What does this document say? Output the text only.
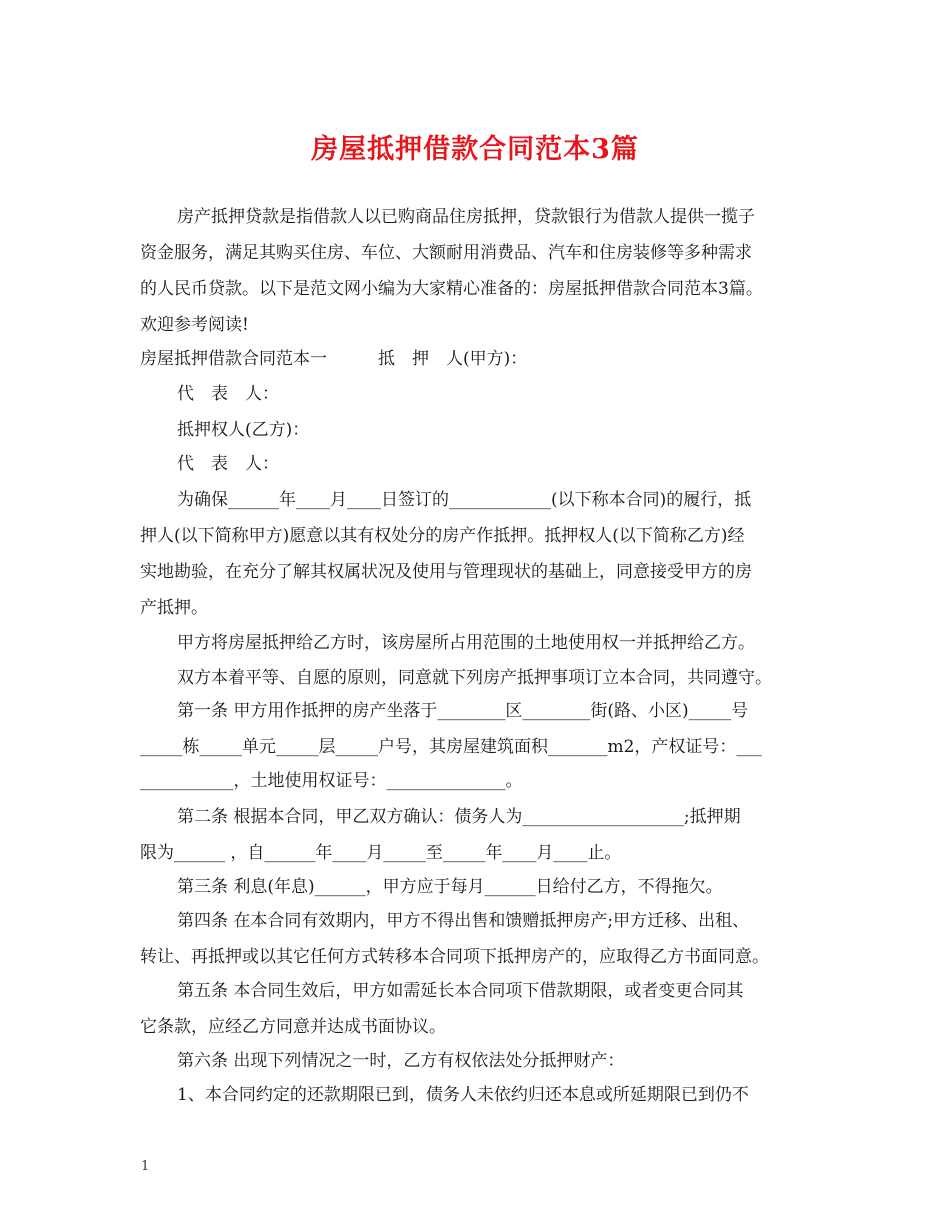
房屋抵押借款合同范本3篇
房产抵押贷款是指借款人以已购商品住房抵押，贷款银行为借款人提供一揽子
资金服务，满足其购买住房、车位、大额耐用消费品、汽车和住房装修等多种需求
的人民币贷款。以下是范文网小编为大家精心准备的：房屋抵押借款合同范本3篇。
欢迎参考阅读!
房屋抵押借款合同范本一　　　抵　押　人(甲方)：
代　表　人：
抵押权人(乙方)：
代　表　人：
为确保______年____月____日签订的____________(以下称本合同)的履行，抵
押人(以下简称甲方)愿意以其有权处分的房产作抵押。抵押权人(以下简称乙方)经
实地勘验，在充分了解其权属状况及使用与管理现状的基础上，同意接受甲方的房
产抵押。
甲方将房屋抵押给乙方时，该房屋所占用范围的土地使用权一并抵押给乙方。
双方本着平等、自愿的原则，同意就下列房产抵押事项订立本合同，共同遵守。
第一条 甲方用作抵押的房产坐落于________区________街(路、小区)_____号
_____栋_____单元_____层_____户号，其房屋建筑面积_______m2，产权证号：___
___________，土地使用权证号：______________。
第二条 根据本合同，甲乙双方确认：债务人为___________________;抵押期
限为______ ，自______年____月_____至_____年____月____止。
第三条 利息(年息)______，甲方应于每月______日给付乙方，不得拖欠。
第四条 在本合同有效期内，甲方不得出售和馈赠抵押房产;甲方迁移、出租、
转让、再抵押或以其它任何方式转移本合同项下抵押房产的，应取得乙方书面同意。
第五条 本合同生效后，甲方如需延长本合同项下借款期限，或者变更合同其
它条款，应经乙方同意并达成书面协议。
第六条 出现下列情况之一时，乙方有权依法处分抵押财产：
1、本合同约定的还款期限已到，债务人未依约归还本息或所延期限已到仍不
1
